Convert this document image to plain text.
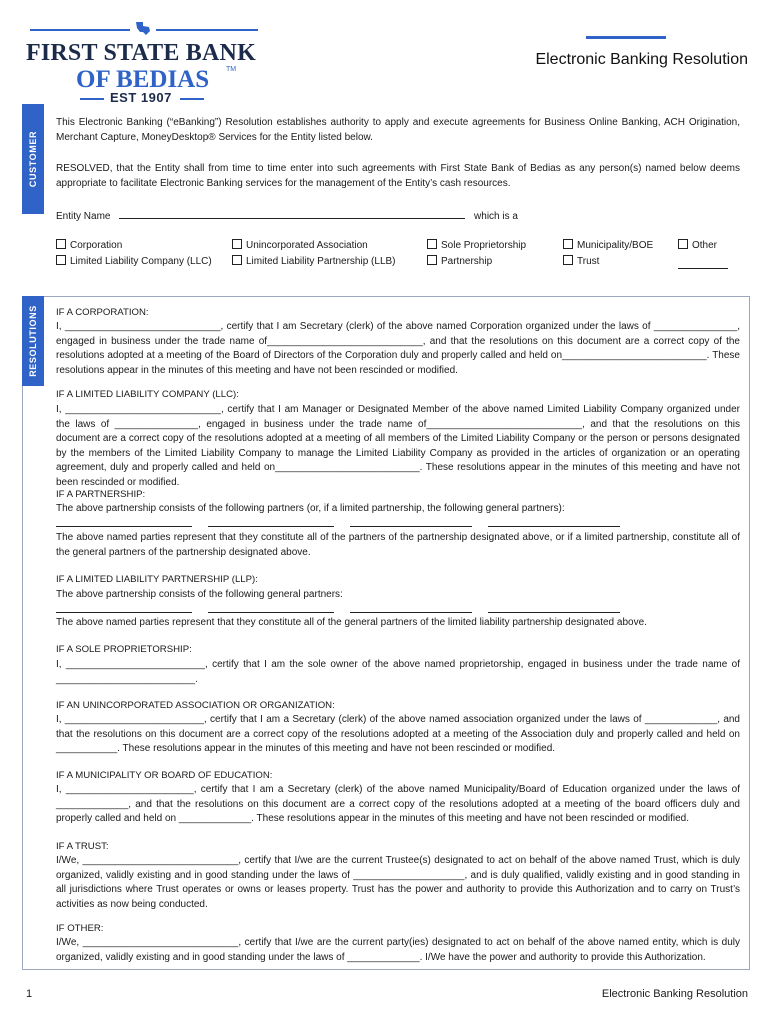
FIRST STATE BANK
OF BEDIAS TM
EST 1907
Electronic Banking Resolution
CUSTOMER
This Electronic Banking (“eBanking”) Resolution establishes authority to apply and execute agreements for Business Online Banking, ACH Origination, Merchant Capture, MoneyDesktop® Services for the Entity listed below.
RESOLVED, that the Entity shall from time to time enter into such agreements with First State Bank of Bedias as any person(s) named below deems appropriate to facilitate Electronic Banking services for the management of the Entity’s cash resources.
Entity Name	which is a
Corporation
Limited Liability Company (LLC)
Unincorporated Association
Limited Liability Partnership (LLB)
Sole Proprietorship
Partnership
Municipality/BOE
Trust
Other
RESOLUTIONS IF A CORPORATION:
I, ____________________________, certify that I am Secretary (clerk) of the above named Corporation organized under the laws of _______________, engaged in business under the trade name of____________________________, and that the resolutions on this document are a correct copy of the resolutions adopted at a meeting of the Board of Directors of the Corporation duly and properly called and held on__________________________. These resolutions appear in the minutes of this meeting and have not been rescinded or modified.
IF A LIMITED LIABILITY COMPANY (LLC):
I, ____________________________, certify that I am Manager or Designated Member of the above named Limited Liability Company organized under the laws of _______________, engaged in business under the trade name of____________________________, and that the resolutions on this document are a correct copy of the resolutions adopted at a meeting of all members of the Limited Liability Company or the person or persons designated by the members of the Limited Liability Company to manage the Limited Liability Company as provided in the articles of organization or an operating agreement, duly and properly called and held on__________________________. These resolutions appear in the minutes of this meeting and have not been rescinded or modified.
IF A PARTNERSHIP:
The above partnership consists of the following partners (or, if a limited partnership, the following general partners):
The above named parties represent that they constitute all of the partners of the partnership designated above, or if a limited partnership, constitute all of the general partners of the partnership designated above.
IF A LIMITED LIABILITY PARTNERSHIP (LLP):
The above partnership consists of the following general partners:
The above named parties represent that they constitute all of the general partners of the limited liability partnership designated above.
IF A SOLE PROPRIETORSHIP:
I, _________________________, certify that I am the sole owner of the above named proprietorship, engaged in business under the trade name of _________________________.
IF AN UNINCORPORATED ASSOCIATION OR ORGANIZATION:
I, _________________________, certify that I am a Secretary (clerk) of the above named association organized under the laws of _____________, and that the resolutions on this document are a correct copy of the resolutions adopted at a meeting of the Association duly and properly called and held on ___________. These resolutions appear in the minutes of this meeting and have not been rescinded or modified.
IF A MUNICIPALITY OR BOARD OF EDUCATION:
I, _______________________, certify that I am a Secretary (clerk) of the above named Municipality/Board of Education organized under the laws of _____________, and that the resolutions on this document are a correct copy of the resolutions adopted at a meeting of the board officers duly and properly called and held on _____________. These resolutions appear in the minutes of this meeting and have not been rescinded or modified.
IF A TRUST:
I/We, ____________________________, certify that I/we are the current Trustee(s) designated to act on behalf of the above named Trust, which is duly organized, validly existing and in good standing under the laws of ____________________, and is duly qualified, validly existing and in good standing in all jurisdictions where Trust operates or owns or leases property. Trust has the power and authority to provide this Authorization and to carry on Trust’s activities as now being conducted.
IF OTHER:
I/We, ____________________________, certify that I/we are the current party(ies) designated to act on behalf of the above named entity, which is duly organized, validly existing and in good standing under the laws of _____________. I/We have the power and authority to provide this Authorization.
1	Electronic Banking Resolution
